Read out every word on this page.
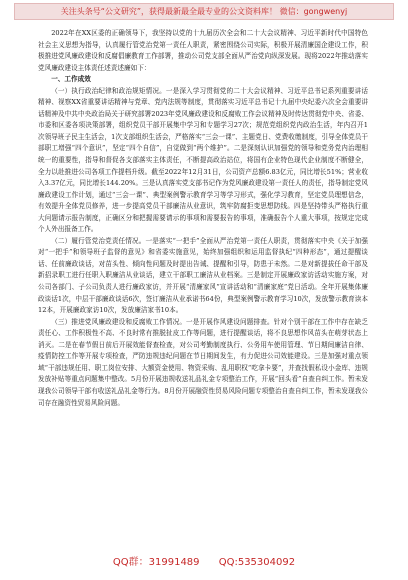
关注头条号“公文研究”，获得最新最全最专业的公文资料库！ 微信：gongwenyj

2022年在XX区委的正确领导下，我坚持以党的十九届历次全会和二十大会议精神、习近平新时代中国特色社会主义思想为指导，认真履行管党治党第一责任人职责，紧密围绕公司实际，积极开展清廉国企建设工作，积极推进党风廉政建设和反腐倡廉教育工作部署，推动公司党支部全面从严治党向纵深发展。现将2022年推动落实党风廉政建设主体责任述责述廉如下：

一、工作成效

（一）执行政治纪律和政治规矩情况。一是深入学习贯彻党的二十大会议精神、习近平总书记系列重要讲话精神、视察XX省重要讲话精神与党章、党内法规等制度，贯彻落实习近平总书记十九届中央纪委六次全会重要讲话精神及中共中央政治局关于研究部署2023年党风廉政建设和反腐败工作会议精神及时传达贯彻党中央、省委、市委和区委各项决策部署，组织党员干部开展集中学习和专题学习27次；规范党组织党内政治生活，年内召开1次领导班子民主生活会，1次支部组织生活会，严格落实“三会一课”、主题党日、党费收缴制度，引导全体党员干部职工增强“四个意识”，坚定“四个自信”，自觉做到“两个维护”。二是深刻认识加强党的领导和党务党内治理相统一的重要性，指导和督促各支部落实主体责任，不断提高政治站位，将国有企业特色现代企业制度不断健全，全力以赴推进公司各项工作提档升级。截至2022年12月31日，公司资产总额6.83亿元，同比增长51%；营业收入3.37亿元，同比增长144.20%。三是认真落实党支部书记作为党风廉政建设第一责任人的责任，指导制定党风廉政建设工作计划，通过“三会一课”、典型案例警示教育学习等学习形式，强化学习教育，坚定党员理想信念，有效提升全体党员修养，进一步提高党员干部廉洁从业意识，筑牢防腐拒变思想防线。四是坚持带头严格执行重大问题请示报告制度，正确区分和把握需要请示的事项和需要报告的事项，准确报告个人重大事项，按规定完成个人外出报备工作。

（二）履行管党治党责任情况。一是落实“一把手”全面从严治党第一责任人职责，贯彻落实中央《关于加强对“一把手”和领导班子监督的意见》和省委实施意见，始终加强组织和运用监督执纪“四种形态”，通过提醒谈话、任前廉政谈话，对苗头性、倾向性问题及时提出告诫、提醒和引导，防患于未然。二是对新提拔任命干部及新招录职工进行任职入职廉洁从业谈话，建立干部职工廉洁从业档案。三是制定开展廉政家访活动实施方案，对公司各部门、子公司负责人进行廉政家访，并开展“清廉家风”宣讲活动和“清廉家庭”党日活动。全年开展集体廉政谈话1次，中层干部廉政谈话6次，签订廉洁从业承诺书64份，典型案例警示教育学习10次，发放警示教育读本12本，开展廉政家访10次，发放廉洁家书10本。

（三）推进党风廉政建设和反腐败工作情况。一是开展作风建设问题排查。针对个别干部在工作中存在缺乏责任心、工作积极性不高、不良时常有推脱扯皮工作等问题，进行提醒谈话，将不良思想作风苗头在萌芽状态上消灭。二是在春节假日前后开展效能督查检查，对公司考勤制度执行、公务用车使用管理、节日期间廉洁自律、疫情防控工作等开展专项检查，严防违规违纪问题在节日期间发生，有力促进公司效能建设。三是加强对重点领域“干部违规任用、职工岗位安排、大额资金使用、物资采购、乱用职权“吃拿卡要”，并查找假私设小金库、违规发放补贴等重点问题集中整改。5月份开展违规收送礼品礼金专项整治工作，开展“回头看”自查自纠工作。暂未发现我公司领导干部有收送礼品礼金等行为。8月份开展融资性贸易风险问题专项整治自查自纠工作，暂未发现我公司存在融资性贸易风险问题。

QQ群：31991489 QQ:535304092
